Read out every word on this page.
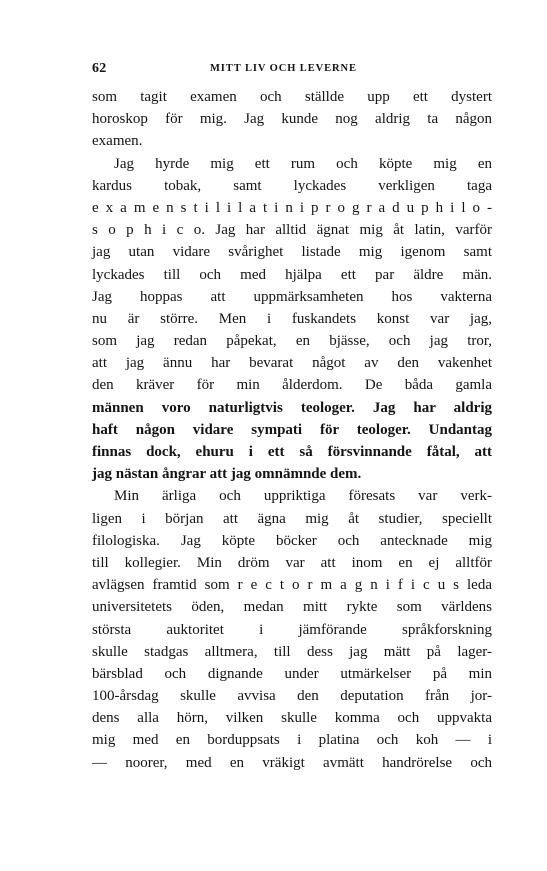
62	MITT LIV OCH LEVERNE
som tagit examen och ställde upp ett dystert
horoskop för mig. Jag kunde nog aldrig ta någon
examen.
Jag hyrde mig ett rum och köpte mig en
kardus tobak, samt lyckades verkligen taga
e x a m e n s t i l i l a t i n i p r o g r a d u p h i l o -
s o p h i c o. Jag har alltid ägnat mig åt latin, varför
jag utan vidare svårighet listade mig igenom samt
lyckades till och med hjälpa ett par äldre män.
Jag hoppas att uppmärksamheten hos vakterna
nu är större. Men i fuskandets konst var jag,
som jag redan påpekat, en bjässe, och jag tror,
att jag ännu har bevarat något av den vakenhet
den kräver för min ålderdom. De båda gamla
männen voro naturligtvis teologer. Jag har aldrig
haft någon vidare sympati för teologer. Undantag
finnas dock, ehuru i ett så försvinnande fåtal, att
jag nästan ångrar att jag omnämnde dem.
Min ärliga och uppriktiga föresats var verk-
ligen i början att ägna mig åt studier, speciellt
filologiska. Jag köpte böcker och antecknade mig
till kollegier. Min dröm var att inom en ej alltför
avlägsen framtid som r e c t o r m a g n i f i c u s leda
universitetets öden, medan mitt rykte som världens
största auktoritet i jämförande språkforskning
skulle stadgas alltmera, till dess jag mätt på lager-
bärsblad och dignande under utmärkelser på min
100-årsdag skulle avvisa den deputation från jor-
dens alla hörn, vilken skulle komma och uppvakta
mig med en borduppsats i platina och koh — i
— noorer, med en vräkigt avmätt handrörelse och
